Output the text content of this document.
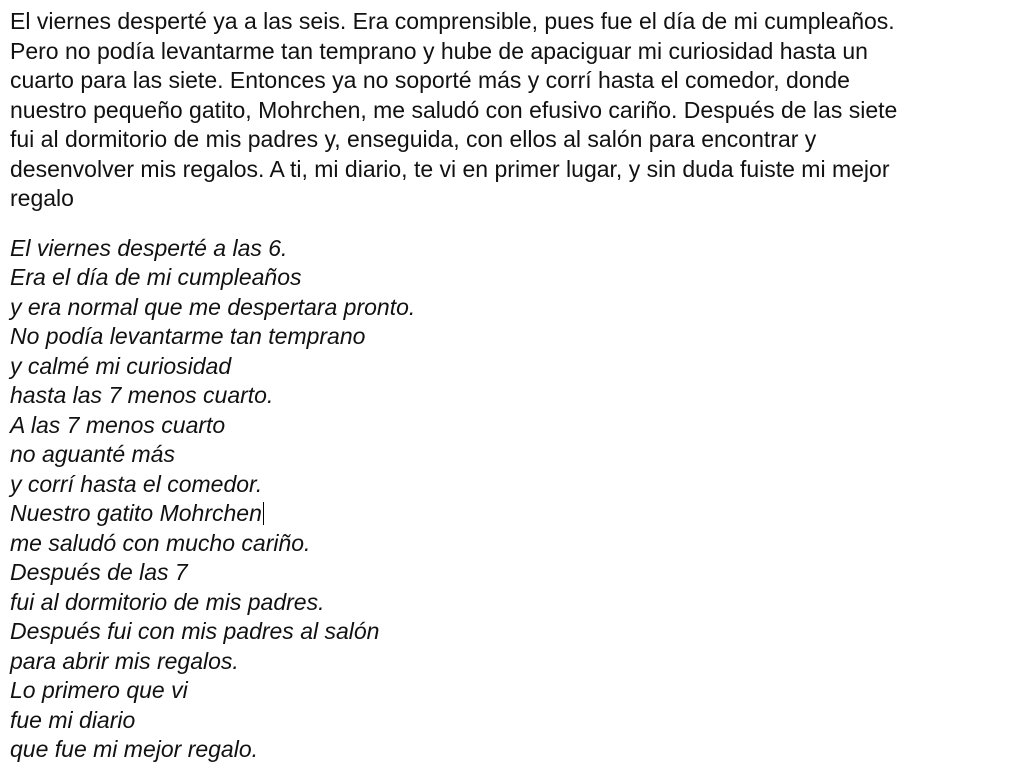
El viernes desperté ya a las seis. Era comprensible, pues fue el día de mi cumpleaños.
Pero no podía levantarme tan temprano y hube de apaciguar mi curiosidad hasta un
cuarto para las siete. Entonces ya no soporté más y corrí hasta el comedor, donde
nuestro pequeño gatito, Mohrchen, me saludó con efusivo cariño. Después de las siete
fui al dormitorio de mis padres y, enseguida, con ellos al salón para encontrar y
desenvolver mis regalos. A ti, mi diario, te vi en primer lugar, y sin duda fuiste mi mejor
regalo

El viernes desperté a las 6.
Era el día de mi cumpleaños
y era normal que me despertara pronto.
No podía levantarme tan temprano
y calmé mi curiosidad
hasta las 7 menos cuarto.
A las 7 menos cuarto
no aguanté más
y corrí hasta el comedor.
Nuestro gatito Mohrchen
me saludó con mucho cariño.
Después de las 7
fui al dormitorio de mis padres.
Después fui con mis padres al salón
para abrir mis regalos.
Lo primero que vi
fue mi diario
que fue mi mejor regalo.
